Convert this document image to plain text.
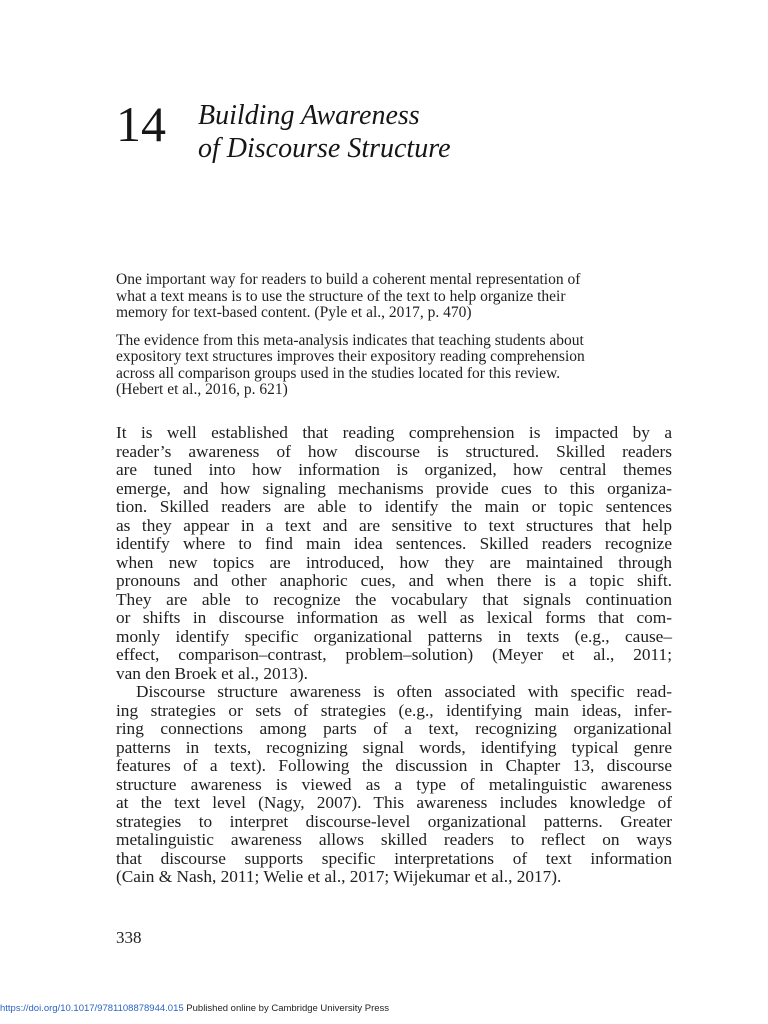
14 Building Awareness
of Discourse Structure
One important way for readers to build a coherent mental representation of
what a text means is to use the structure of the text to help organize their
memory for text-based content. (Pyle et al., 2017, p. 470)
The evidence from this meta-analysis indicates that teaching students about
expository text structures improves their expository reading comprehension
across all comparison groups used in the studies located for this review.
(Hebert et al., 2016, p. 621)
It is well established that reading comprehension is impacted by a
reader’s awareness of how discourse is structured. Skilled readers
are tuned into how information is organized, how central themes
emerge, and how signaling mechanisms provide cues to this organiza-
tion. Skilled readers are able to identify the main or topic sentences
as they appear in a text and are sensitive to text structures that help
identify where to find main idea sentences. Skilled readers recognize
when new topics are introduced, how they are maintained through
pronouns and other anaphoric cues, and when there is a topic shift.
They are able to recognize the vocabulary that signals continuation
or shifts in discourse information as well as lexical forms that com-
monly identify specific organizational patterns in texts (e.g., cause–
effect, comparison–contrast, problem–solution) (Meyer et al., 2011;
van den Broek et al., 2013).
Discourse structure awareness is often associated with specific read-
ing strategies or sets of strategies (e.g., identifying main ideas, infer-
ring connections among parts of a text, recognizing organizational
patterns in texts, recognizing signal words, identifying typical genre
features of a text). Following the discussion in Chapter 13, discourse
structure awareness is viewed as a type of metalinguistic awareness
at the text level (Nagy, 2007). This awareness includes knowledge of
strategies to interpret discourse-level organizational patterns. Greater
metalinguistic awareness allows skilled readers to reflect on ways
that discourse supports specific interpretations of text information
(Cain & Nash, 2011; Welie et al., 2017; Wijekumar et al., 2017).
338
https://doi.org/10.1017/9781108878944.015 Published online by Cambridge University Press
